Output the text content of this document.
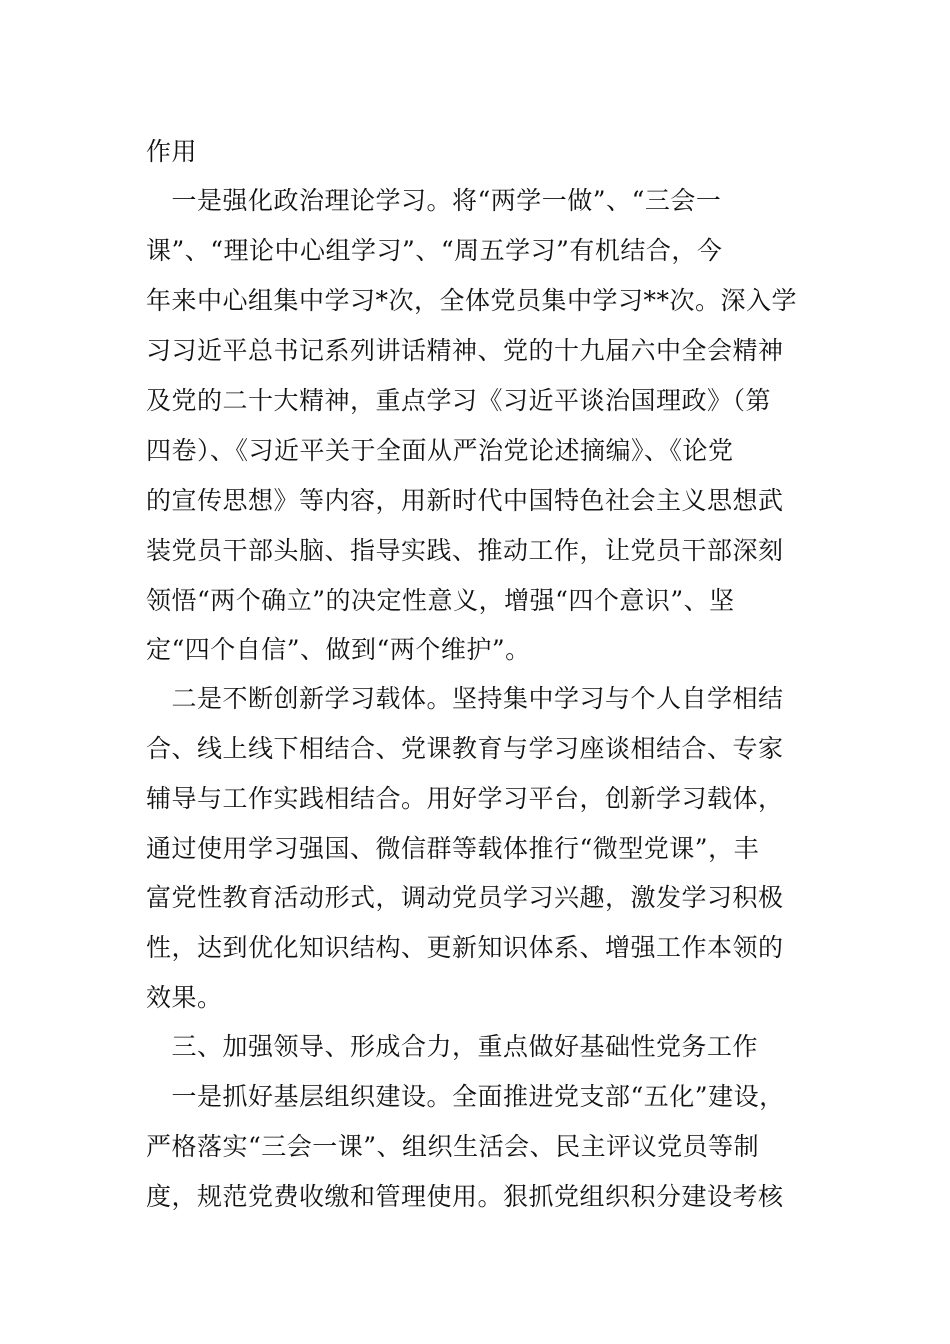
作用
　一是强化政治理论学习。将“两学一做”、“三会一
课”、“理论中心组学习”、“周五学习”有机结合，今
年来中心组集中学习*次，全体党员集中学习**次。深入学
习习近平总书记系列讲话精神、党的十九届六中全会精神
及党的二十大精神，重点学习《习近平谈治国理政》（第
四卷）、《习近平关于全面从严治党论述摘编》、《论党
的宣传思想》等内容，用新时代中国特色社会主义思想武
装党员干部头脑、指导实践、推动工作，让党员干部深刻
领悟“两个确立”的决定性意义，增强“四个意识”、坚
定“四个自信”、做到“两个维护”。
　二是不断创新学习载体。坚持集中学习与个人自学相结
合、线上线下相结合、党课教育与学习座谈相结合、专家
辅导与工作实践相结合。用好学习平台，创新学习载体，
通过使用学习强国、微信群等载体推行“微型党课”，丰
富党性教育活动形式，调动党员学习兴趣，激发学习积极
性，达到优化知识结构、更新知识体系、增强工作本领的
效果。
　三、加强领导、形成合力，重点做好基础性党务工作
　一是抓好基层组织建设。全面推进党支部“五化”建设，
严格落实“三会一课”、组织生活会、民主评议党员等制
度，规范党费收缴和管理使用。狠抓党组织积分建设考核
